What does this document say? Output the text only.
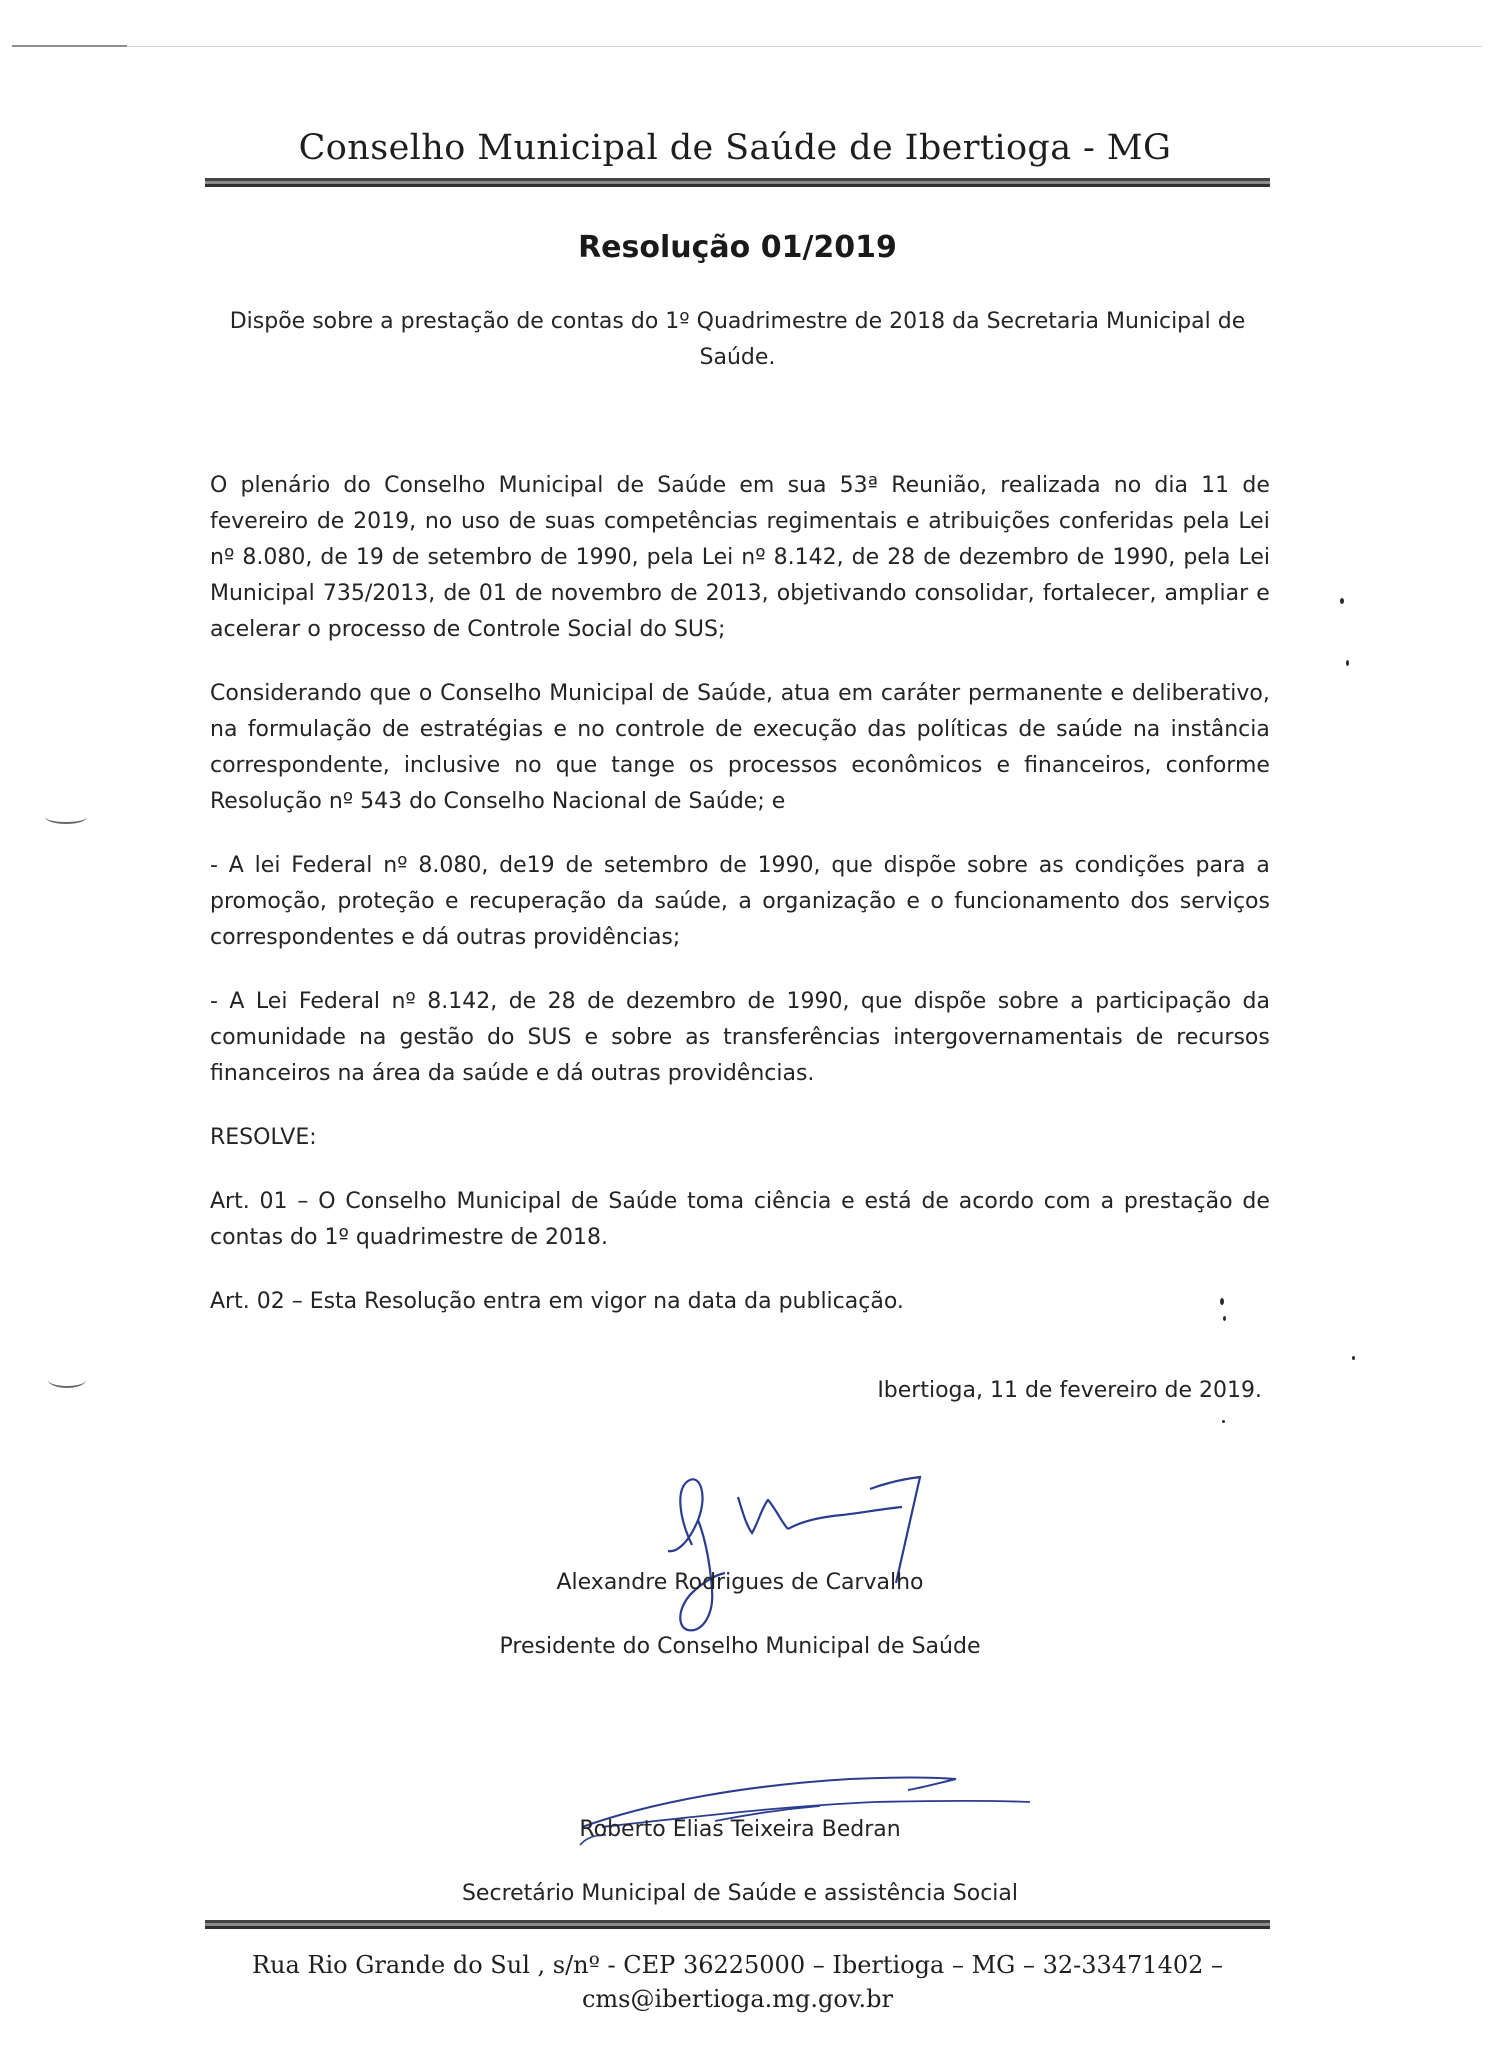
Conselho Municipal de Saúde de Ibertioga - MG
Resolução 01/2019
Dispõe sobre a prestação de contas do 1º Quadrimestre de 2018 da Secretaria Municipal de
Saúde.
O plenário do Conselho Municipal de Saúde em sua 53ª Reunião, realizada no dia 11 de
fevereiro de 2019, no uso de suas competências regimentais e atribuições conferidas pela Lei
nº 8.080, de 19 de setembro de 1990, pela Lei nº 8.142, de 28 de dezembro de 1990, pela Lei
Municipal 735/2013, de 01 de novembro de 2013, objetivando consolidar, fortalecer, ampliar e
acelerar o processo de Controle Social do SUS;
Considerando que o Conselho Municipal de Saúde, atua em caráter permanente e deliberativo,
na formulação de estratégias e no controle de execução das políticas de saúde na instância
correspondente, inclusive no que tange os processos econômicos e financeiros, conforme
Resolução nº 543 do Conselho Nacional de Saúde; e
- A lei Federal nº 8.080, de19 de setembro de 1990, que dispõe sobre as condições para a
promoção, proteção e recuperação da saúde, a organização e o funcionamento dos serviços
correspondentes e dá outras providências;
- A Lei Federal nº 8.142, de 28 de dezembro de 1990, que dispõe sobre a participação da
comunidade na gestão do SUS e sobre as transferências intergovernamentais de recursos
financeiros na área da saúde e dá outras providências.
RESOLVE:
Art. 01 – O Conselho Municipal de Saúde toma ciência e está de acordo com a prestação de
contas do 1º quadrimestre de 2018.
Art. 02 – Esta Resolução entra em vigor na data da publicação.
Ibertioga, 11 de fevereiro de 2019.
Alexandre Rodrigues de Carvalho
Presidente do Conselho Municipal de Saúde
Roberto Elias Teixeira Bedran
Secretário Municipal de Saúde e assistência Social
Rua Rio Grande do Sul , s/nº - CEP 36225000 – Ibertioga – MG – 32-33471402 –
cms@ibertioga.mg.gov.br
